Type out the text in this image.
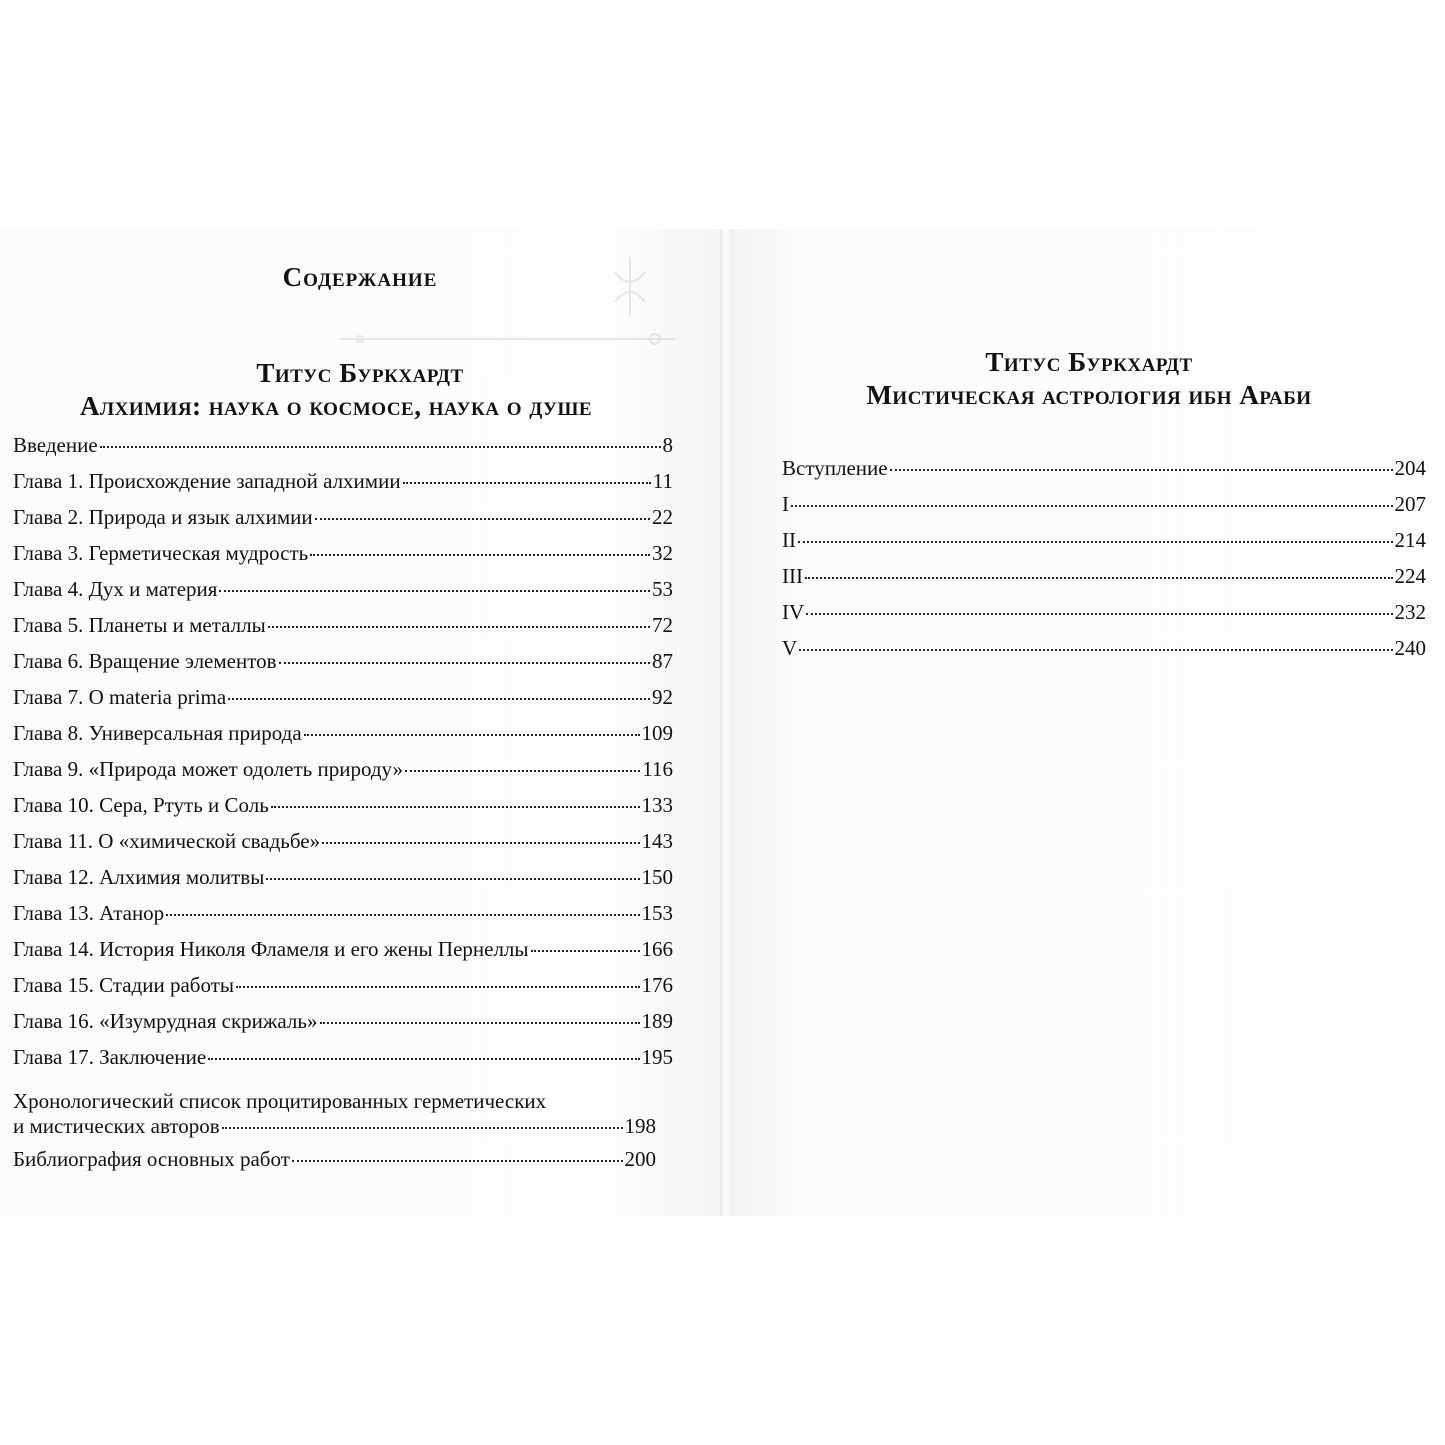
Содержание
Титус Буркхардт
Алхимия: наука о космосе, наука о душе
Введение	8
Глава 1. Происхождение западной алхимии	11
Глава 2. Природа и язык алхимии	22
Глава 3. Герметическая мудрость	32
Глава 4. Дух и материя	53
Глава 5. Планеты и металлы	72
Глава 6. Вращение элементов	87
Глава 7. О materia prima	92
Глава 8. Универсальная природа	109
Глава 9. «Природа может одолеть природу»	116
Глава 10. Сера, Ртуть и Соль	133
Глава 11. О «химической свадьбе»	143
Глава 12. Алхимия молитвы	150
Глава 13. Атанор	153
Глава 14. История Николя Фламеля и его жены Пернеллы	166
Глава 15. Стадии работы	176
Глава 16. «Изумрудная скрижаль»	189
Глава 17. Заключение	195
Хронологический список процитированных герметических
и мистических авторов	198
Библиография основных работ	200
Титус Буркхардт
Мистическая астрология ибн Араби
Вступление	204
I	207
II	214
III	224
IV	232
V	240
